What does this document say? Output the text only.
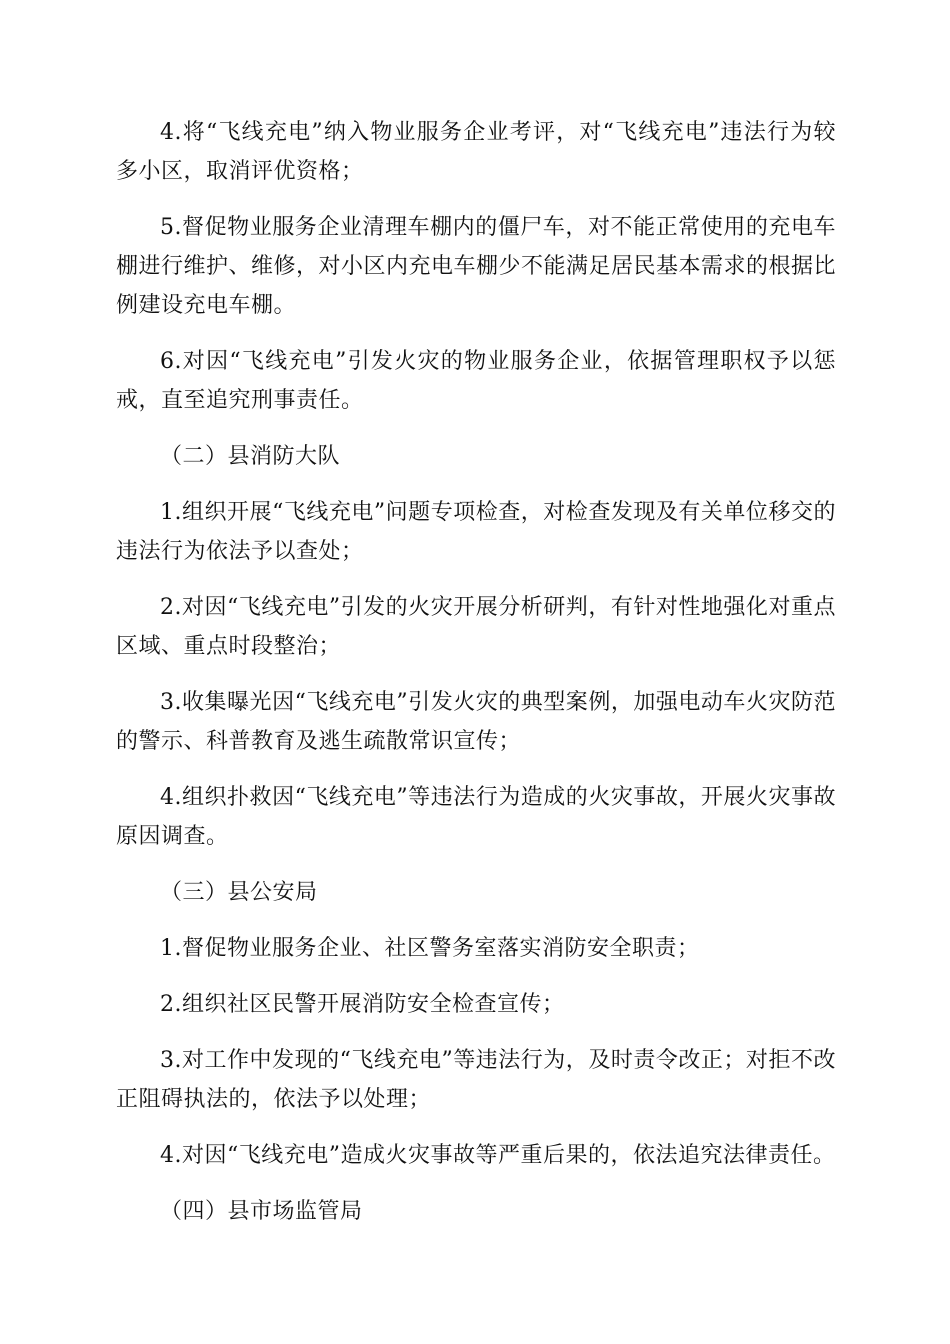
4.将“飞线充电”纳入物业服务企业考评，对“飞线充电”违法行为较多小区，取消评优资格；

5.督促物业服务企业清理车棚内的僵尸车，对不能正常使用的充电车棚进行维护、维修，对小区内充电车棚少不能满足居民基本需求的根据比例建设充电车棚。

6.对因“飞线充电”引发火灾的物业服务企业，依据管理职权予以惩戒，直至追究刑事责任。

（二）县消防大队

1.组织开展“飞线充电”问题专项检查，对检查发现及有关单位移交的违法行为依法予以查处；

2.对因“飞线充电”引发的火灾开展分析研判，有针对性地强化对重点区域、重点时段整治；

3.收集曝光因“飞线充电”引发火灾的典型案例，加强电动车火灾防范的警示、科普教育及逃生疏散常识宣传；

4.组织扑救因“飞线充电”等违法行为造成的火灾事故，开展火灾事故原因调查。

（三）县公安局

1.督促物业服务企业、社区警务室落实消防安全职责；

2.组织社区民警开展消防安全检查宣传；

3.对工作中发现的“飞线充电”等违法行为，及时责令改正；对拒不改正阻碍执法的，依法予以处理；

4.对因“飞线充电”造成火灾事故等严重后果的，依法追究法律责任。

（四）县市场监管局
